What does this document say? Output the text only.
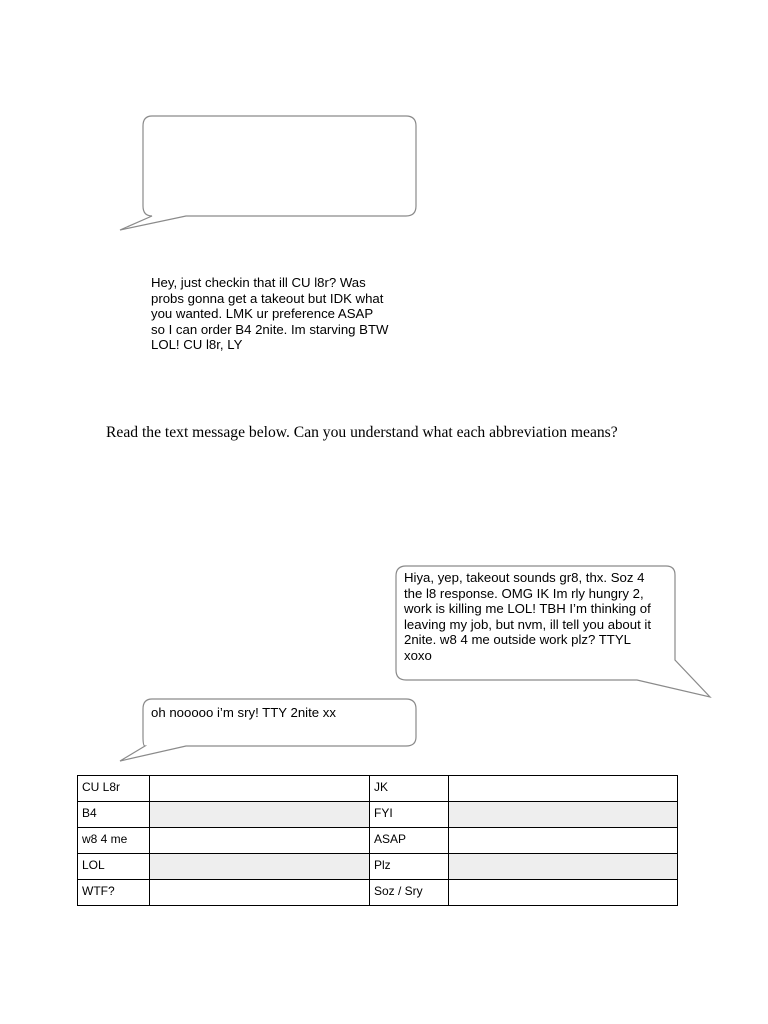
Hey, just checkin that ill CU l8r? Was
probs gonna get a takeout but IDK what
you wanted. LMK ur preference ASAP
so I can order B4 2nite. Im starving BTW
LOL! CU l8r, LY

Read the text message below. Can you understand what each abbreviation means?

Hiya, yep, takeout sounds gr8, thx. Soz 4
the l8 response. OMG IK Im rly hungry 2,
work is killing me LOL! TBH I’m thinking of
leaving my job, but nvm, ill tell you about it
2nite. w8 4 me outside work plz? TTYL
xoxo

oh nooooo i’m sry! TTY 2nite xx

CU L8r		JK	
B4		FYI	
w8 4 me		ASAP	
LOL		Plz	
WTF?		Soz / Sry	
